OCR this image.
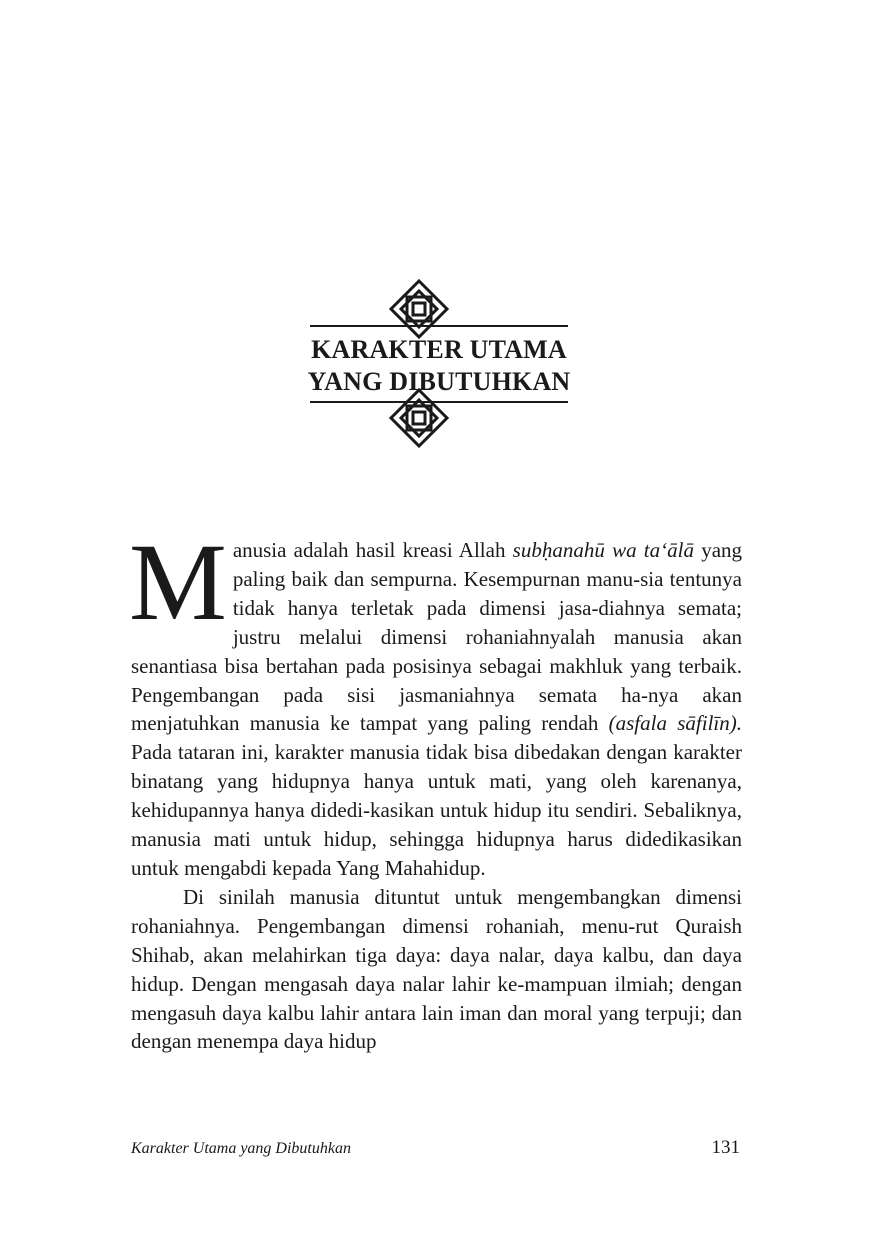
KARAKTER UTAMA
YANG DIBUTUHKAN

Manusia adalah hasil kreasi Allah subḥanahū wa ta‘ālā yang paling baik dan sempurna. Kesempurnan manu-sia tentunya tidak hanya terletak pada dimensi jasa-diahnya semata; justru melalui dimensi rohaniahnyalah manusia akan senantiasa bisa bertahan pada posisinya sebagai makhluk yang terbaik. Pengembangan pada sisi jasmaniahnya semata ha-nya akan menjatuhkan manusia ke tampat yang paling rendah (asfala sāfilīn). Pada tataran ini, karakter manusia tidak bisa dibedakan dengan karakter binatang yang hidupnya hanya untuk mati, yang oleh karenanya, kehidupannya hanya didedi-kasikan untuk hidup itu sendiri. Sebaliknya, manusia mati untuk hidup, sehingga hidupnya harus didedikasikan untuk mengabdi kepada Yang Mahahidup.

Di sinilah manusia dituntut untuk mengembangkan dimensi rohaniahnya. Pengembangan dimensi rohaniah, menu-rut Quraish Shihab, akan melahirkan tiga daya: daya nalar, daya kalbu, dan daya hidup. Dengan mengasah daya nalar lahir ke-mampuan ilmiah; dengan mengasuh daya kalbu lahir antara lain iman dan moral yang terpuji; dan dengan menempa daya hidup

Karakter Utama yang Dibutuhkan	131
